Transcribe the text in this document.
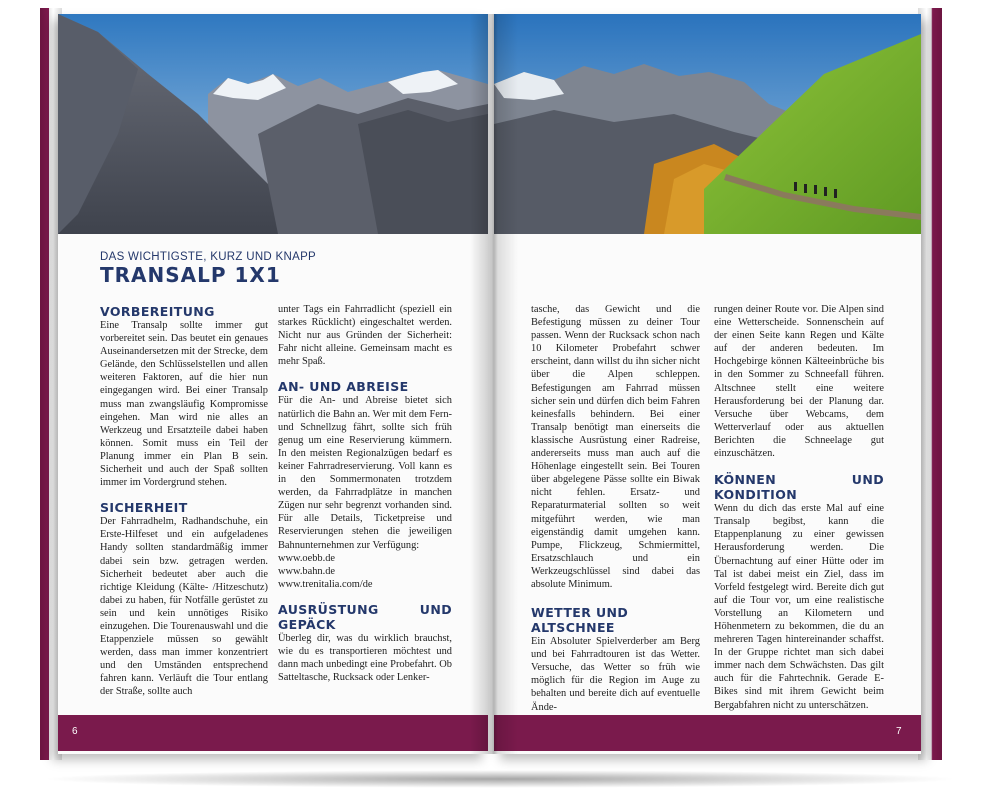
DAS WICHTIGSTE, KURZ UND KNAPP
TRANSALP 1X1
VORBEREITUNG

Eine Transalp sollte immer gut vorbereitet sein. Das beutet ein genaues Auseinandersetzen mit der Strecke, dem Gelände, den Schlüsselstellen und allen weiteren Faktoren, auf die hier nun eingegangen wird. Bei einer Transalp muss man zwangsläufig Kompromisse eingehen. Man wird nie alles an Werkzeug und Ersatzteile dabei haben können. Somit muss ein Teil der Planung immer ein Plan B sein. Sicherheit und auch der Spaß sollten immer im Vordergrund stehen.

SICHERHEIT

Der Fahrradhelm, Radhandschuhe, ein Erste-Hilfeset und ein aufgeladenes Handy sollten standardmäßig immer dabei sein bzw. getragen werden. Sicherheit bedeutet aber auch die richtige Kleidung (Kälte- /Hitzeschutz) dabei zu haben, für Notfälle gerüstet zu sein und kein unnötiges Risiko einzugehen. Die Tourenauswahl und die Etappenziele müssen so gewählt werden, dass man immer konzentriert und den Umständen entsprechend fahren kann. Verläuft die Tour entlang der Straße, sollte auch

unter Tags ein Fahrradlicht (speziell ein starkes Rücklicht) eingeschaltet werden. Nicht nur aus Gründen der Sicherheit: Fahr nicht alleine. Gemeinsam macht es mehr Spaß.

AN- UND ABREISE

Für die An- und Abreise bietet sich natürlich die Bahn an. Wer mit dem Fern- und Schnellzug fährt, sollte sich früh genug um eine Reservierung kümmern. In den meisten Regionalzügen bedarf es keiner Fahrradreservierung. Voll kann es in den Sommermonaten trotzdem werden, da Fahrradplätze in manchen Zügen nur sehr begrenzt vorhanden sind. Für alle Details, Ticketpreise und Reservierungen stehen die jeweiligen Bahnunternehmen zur Verfügung:

www.oebb.de

www.bahn.de

www.trenitalia.com/de

AUSRÜSTUNG UND GEPÄCK

Überleg dir, was du wirklich brauchst, wie du es transportieren möchtest und dann mach unbedingt eine Probefahrt. Ob Satteltasche, Rucksack oder Lenker-

6

tasche, das Gewicht und die Befestigung müssen zu deiner Tour passen. Wenn der Rucksack schon nach 10 Kilometer Probefahrt schwer erscheint, dann willst du ihn sicher nicht über die Alpen schleppen. Befestigungen am Fahrrad müssen sicher sein und dürfen dich beim Fahren keinesfalls behindern. Bei einer Transalp benötigt man einerseits die klassische Ausrüstung einer Radreise, andererseits muss man auch auf die Höhenlage eingestellt sein. Bei Touren über abgelegene Pässe sollte ein Biwak nicht fehlen. Ersatz- und Reparaturmaterial sollten so weit mitgeführt werden, wie man eigenständig damit umgehen kann. Pumpe, Flickzeug, Schmiermittel, Ersatzschlauch und ein Werkzeugschlüssel sind dabei das absolute Minimum.

WETTER UND
ALTSCHNEE

Ein Absoluter Spielverderber am Berg und bei Fahrradtouren ist das Wetter. Versuche, das Wetter so früh wie möglich für die Region im Auge zu behalten und bereite dich auf eventuelle Ände-

rungen deiner Route vor. Die Alpen sind eine Wetterscheide. Sonnenschein auf der einen Seite kann Regen und Kälte auf der anderen bedeuten. Im Hochgebirge können Kälteeinbrüche bis in den Sommer zu Schneefall führen. Altschnee stellt eine weitere Herausforderung bei der Planung dar. Versuche über Webcams, dem Wetterverlauf oder aus aktuellen Berichten die Schneelage gut einzuschätzen.

KÖNNEN UND KONDITION

Wenn du dich das erste Mal auf eine Transalp begibst, kann die Etappenplanung zu einer gewissen Herausforderung werden. Die Übernachtung auf einer Hütte oder im Tal ist dabei meist ein Ziel, dass im Vorfeld festgelegt wird. Bereite dich gut auf die Tour vor, um eine realistische Vorstellung an Kilometern und Höhenmetern zu bekommen, die du an mehreren Tagen hintereinander schaffst. In der Gruppe richtet man sich dabei immer nach dem Schwächsten. Das gilt auch für die Fahrtechnik. Gerade E-Bikes sind mit ihrem Gewicht beim Bergabfahren nicht zu unterschätzen.

7
